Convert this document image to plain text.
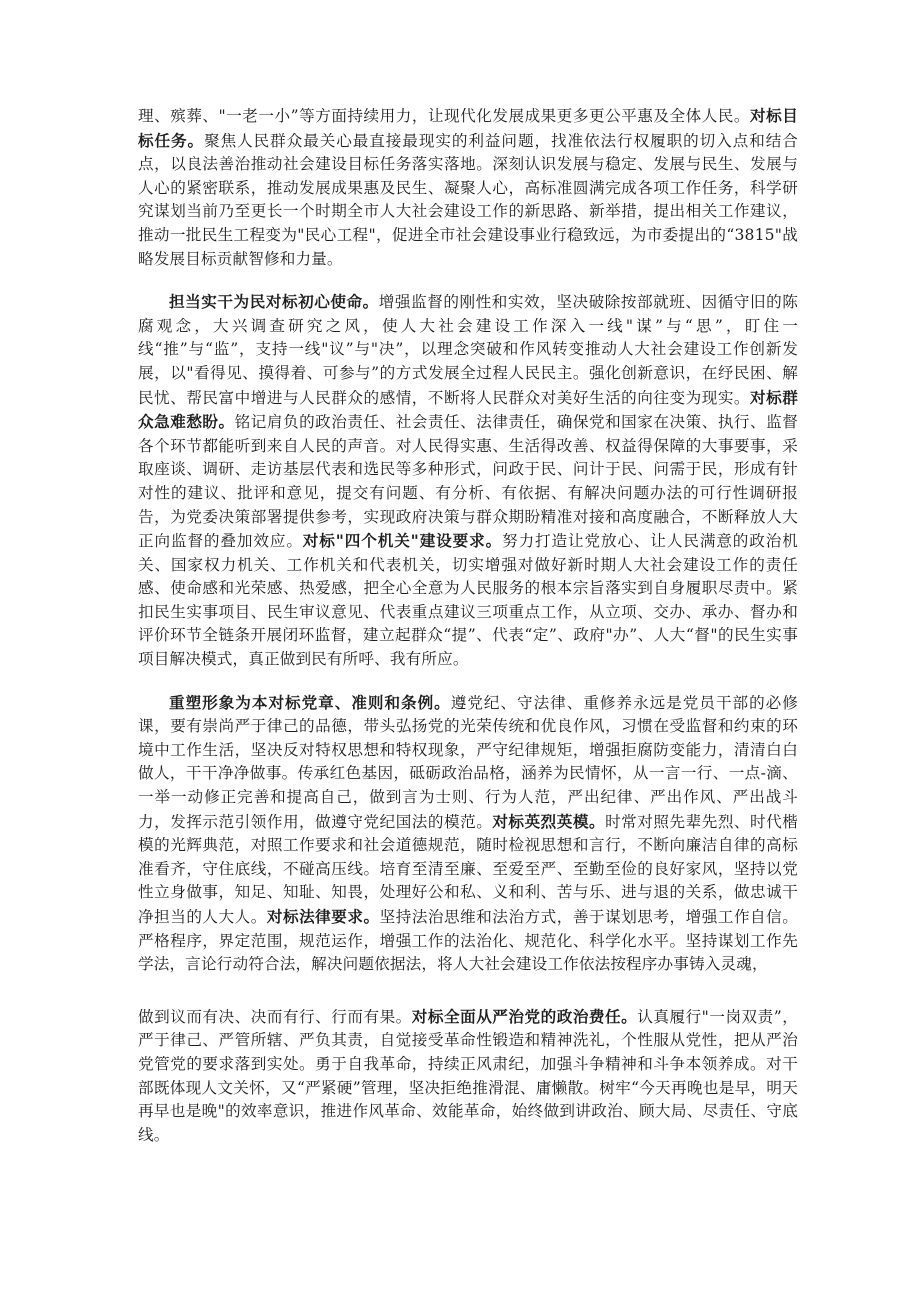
理、殡葬、"一老一小”等方面持续用力，让现代化发展成果更多更公平惠及全体人民。对标目标任务。聚焦人民群众最关心最直接最现实的利益问题，找准依法行权履职的切入点和结合点，以良法善治推动社会建设目标任务落实落地。深刻认识发展与稳定、发展与民生、发展与人心的紧密联系，推动发展成果惠及民生、凝聚人心，高标准圆满完成各项工作任务，科学研究谋划当前乃至更长一个时期全市人大社会建设工作的新思路、新举措，提出相关工作建议，推动一批民生工程变为"民心工程"，促进全市社会建设事业行稳致远，为市委提出的“3815"战略发展目标贡献智修和力量。

担当实干为民对标初心使命。增强监督的刚性和实效，坚决破除按部就班、因循守旧的陈腐观念，大兴调查研究之风，使人大社会建设工作深入一线"谋”与“思”，盯住一线“推”与“监”，支持一线"议”与"决”，以理念突破和作风转变推动人大社会建设工作创新发展，以"看得见、摸得着、可参与”的方式发展全过程人民民主。强化创新意识，在纾民困、解民忧、帮民富中增进与人民群众的感情，不断将人民群众对美好生活的向往变为现实。对标群众急难愁盼。铭记肩负的政治责任、社会责任、法律责任，确保党和国家在决策、执行、监督各个环节都能听到来自人民的声音。对人民得实惠、生活得改善、权益得保障的大事要事，采取座谈、调研、走访基层代表和选民等多种形式，问政于民、问计于民、问需于民，形成有针对性的建议、批评和意见，提交有问题、有分析、有依据、有解决问题办法的可行性调研报告，为党委决策部署提供参考，实现政府决策与群众期盼精准对接和高度融合，不断释放人大正向监督的叠加效应。对标"四个机关"建设要求。努力打造让党放心、让人民满意的政治机关、国家权力机关、工作机关和代表机关，切实增强对做好新时期人大社会建设工作的责任感、使命感和光荣感、热爱感，把全心全意为人民服务的根本宗旨落实到自身履职尽责中。紧扣民生实事项目、民生审议意见、代表重点建议三项重点工作，从立项、交办、承办、督办和评价环节全链条开展闭环监督，建立起群众“提”、代表“定”、政府"办”、人大“督"的民生实事项目解决模式，真正做到民有所呼、我有所应。

重塑形象为本对标党章、准则和条例。遵党纪、守法律、重修养永远是党员干部的必修课，要有崇尚严于律己的品德，带头弘扬党的光荣传统和优良作风，习惯在受监督和约束的环境中工作生活，坚决反对特权思想和特权现象，严守纪律规矩，增强拒腐防变能力，清清白白做人，干干净净做事。传承红色基因，砥砺政治品格，涵养为民情怀，从一言一行、一点-滴、一举一动修正完善和提高自己，做到言为士则、行为人范，严出纪律、严出作风、严出战斗力，发挥示范引领作用，做遵守党纪国法的模范。对标英烈英模。时常对照先辈先烈、时代楷模的光辉典范，对照工作要求和社会道德规范，随时检视思想和言行，不断向廉洁自律的高标准看齐，守住底线，不碰高压线。培育至清至廉、至爱至严、至勤至俭的良好家风，坚持以党性立身做事，知足、知耻、知畏，处理好公和私、义和利、苦与乐、进与退的关系，做忠诚干净担当的人大人。对标法律要求。坚持法治思维和法治方式，善于谋划思考，增强工作自信。严格程序，界定范围，规范运作，增强工作的法治化、规范化、科学化水平。坚持谋划工作先学法，言论行动符合法，解决问题依据法，将人大社会建设工作依法按程序办事铸入灵魂，

做到议而有决、决而有行、行而有果。对标全面从严治党的政治费任。认真履行"一岗双责”，严于律己、严管所辖、严负其责，自觉接受革命性锻造和精神洗礼，个性服从党性，把从严治党管党的要求落到实处。勇于自我革命，持续正风肃纪，加强斗争精神和斗争本领养成。对干部既体现人文关怀，又“严紧硬”管理，坚决拒绝推滑混、庸懒散。树牢“今天再晚也是早，明天再早也是晚"的效率意识，推进作风革命、效能革命，始终做到讲政治、顾大局、尽责任、守底线。
